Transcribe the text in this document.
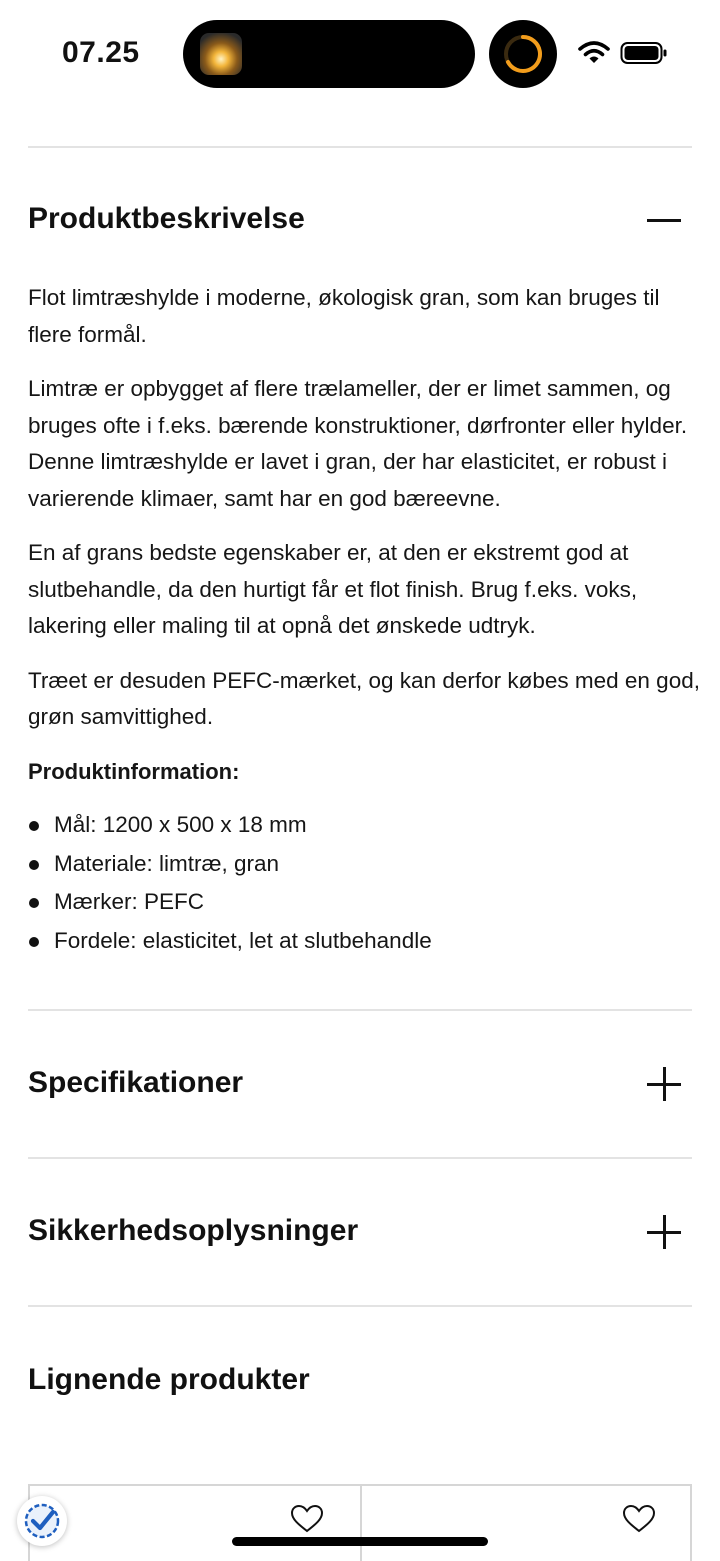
07.25
Produktbeskrivelse

Flot limtræshylde i moderne, økologisk gran, som kan bruges til flere formål.

Limtræ er opbygget af flere trælameller, der er limet sammen, og bruges ofte i f.eks. bærende konstruktioner, dørfronter eller hylder. Denne limtræshylde er lavet i gran, der har elasticitet, er robust i varierende klimaer, samt har en god bæreevne.

En af grans bedste egenskaber er, at den er ekstremt god at slutbehandle, da den hurtigt får et flot finish. Brug f.eks. voks, lakering eller maling til at opnå det ønskede udtryk.

Træet er desuden PEFC-mærket, og kan derfor købes med en god, grøn samvittighed.

Produktinformation:

Mål: 1200 x 500 x 18 mm
Materiale: limtræ, gran
Mærker: PEFC
Fordele: elasticitet, let at slutbehandle
Specifikationer
Sikkerhedsoplysninger
Lignende produkter
